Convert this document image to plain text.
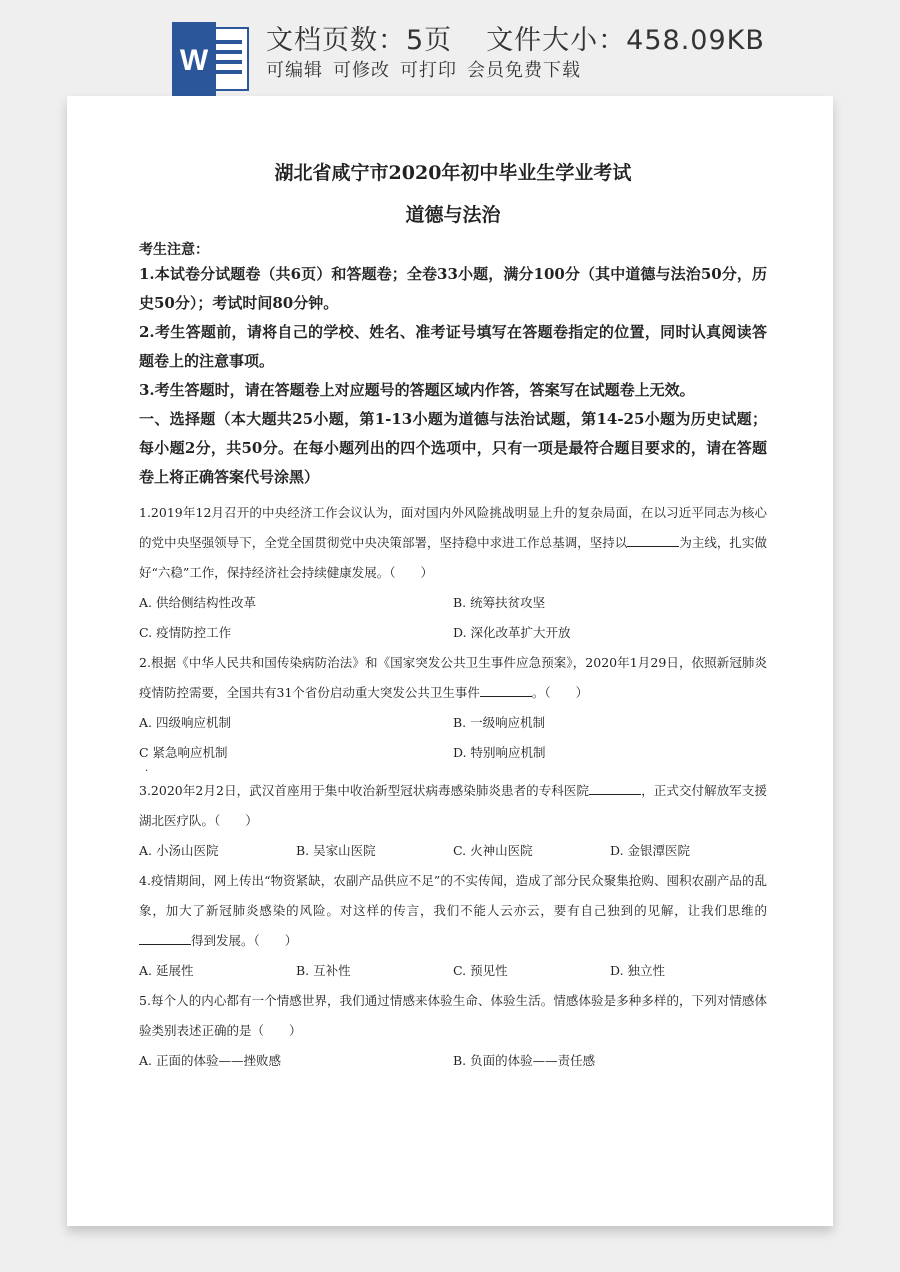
W
文档页数：5页 文件大小：458.09KB
可编辑 可修改 可打印 会员免费下载

湖北省咸宁市2020年初中毕业生学业考试

道德与法治

考生注意：

1.本试卷分试题卷（共6页）和答题卷；全卷33小题，满分100分（其中道德与法治50分，历史50分）；考试时间80分钟。

2.考生答题前，请将自己的学校、姓名、准考证号填写在答题卷指定的位置，同时认真阅读答题卷上的注意事项。

3.考生答题时，请在答题卷上对应题号的答题区域内作答，答案写在试题卷上无效。

一、选择题（本大题共25小题，第1-13小题为道德与法治试题，第14-25小题为历史试题；每小题2分，共50分。在每小题列出的四个选项中，只有一项是最符合题目要求的，请在答题卷上将正确答案代号涂黑）

1.2019年12月召开的中央经济工作会议认为，面对国内外风险挑战明显上升的复杂局面，在以习近平同志为核心的党中央坚强领导下，全党全国贯彻党中央决策部署，坚持稳中求进工作总基调，坚持以	为主线，扎实做好“六稳”工作，保持经济社会持续健康发展。（　　）

A. 供给侧结构性改革	B. 统筹扶贫攻坚
C. 疫情防控工作	D. 深化改革扩大开放

2.根据《中华人民共和国传染病防治法》和《国家突发公共卫生事件应急预案》，2020年1月29日，依照新冠肺炎疫情防控需要，全国共有31个省份启动重大突发公共卫生事件	。（　　）

A. 四级响应机制	B. 一级响应机制
C 紧急响应机制	D. 特别响应机制
·

3.2020年2月2日，武汉首座用于集中收治新型冠状病毒感染肺炎患者的专科医院	，正式交付解放军支援湖北医疗队。（　　）

A. 小汤山医院	B. 吴家山医院	C. 火神山医院	D. 金银潭医院

4.疫情期间，网上传出“物资紧缺，农副产品供应不足”的不实传闻，造成了部分民众聚集抢购、囤积农副产品的乱象，加大了新冠肺炎感染的风险。对这样的传言，我们不能人云亦云，要有自己独到的见解，让我们思维的得到发展。（　　）

A. 延展性	B. 互补性	C. 预见性	D. 独立性

5.每个人的内心都有一个情感世界，我们通过情感来体验生命、体验生活。情感体验是多种多样的，下列对情感体验类别表述正确的是（　　）

A. 正面的体验——挫败感	B. 负面的体验——责任感
